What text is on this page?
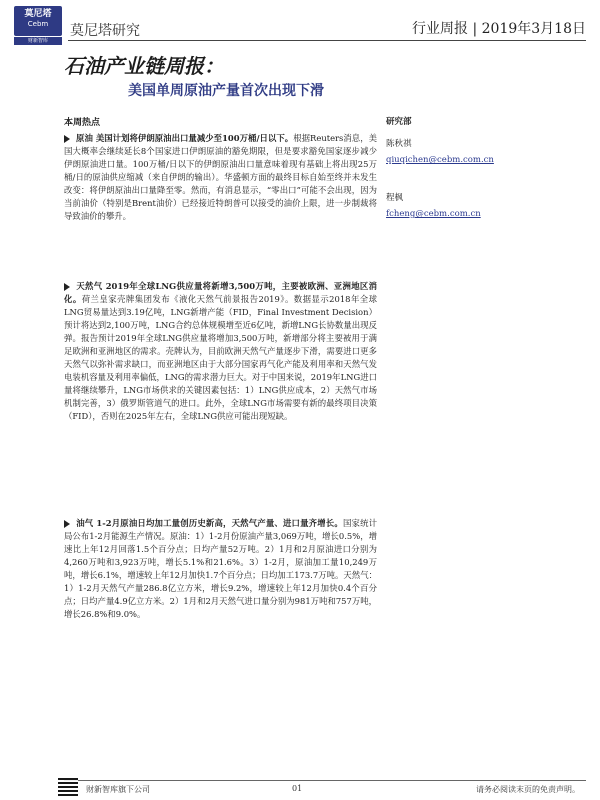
莫尼塔
Cebm
财新智库
莫尼塔研究	行业周报 | 2019年3月18日
石油产业链周报：
美国单周原油产量首次出现下滑
本周热点	研究部
陈秋祺
qiuqichen@cebm.com.cn
程枫
fcheng@cebm.com.cn
原油 美国计划将伊朗原油出口量减少至100万桶/日以下。根据Reuters消息，美国大概率会继续延长8个国家进口伊朗原油的豁免期限，但是要求豁免国家逐步减少伊朗原油进口量。100万桶/日以下的伊朗原油出口量意味着现有基础上将出现25万桶/日的原油供应缩减（来自伊朗的输出）。华盛顿方面的最终目标自始至终并未发生改变：将伊朗原油出口量降至零。然而，有消息显示，“零出口”可能不会出现，因为当前油价（特别是Brent油价）已经接近特朗普可以接受的油价上限，进一步制裁将导致油价的攀升。
天然气 2019年全球LNG供应量将新增3,500万吨，主要被欧洲、亚洲地区消化。荷兰皇家壳牌集团发布《液化天然气前景报告2019》。数据显示2018年全球LNG贸易量达到3.19亿吨，LNG新增产能（FID，Final Investment Decision）预计将达到2,100万吨，LNG合约总体规模增至近6亿吨，新增LNG长协数量出现反弹。报告预计2019年全球LNG供应量将增加3,500万吨，新增部分将主要被用于满足欧洲和亚洲地区的需求。壳牌认为，目前欧洲天然气产量逐步下滑，需要进口更多天然气以弥补需求缺口，而亚洲地区由于大部分国家再气化产能及利用率和天然气发电装机容量及利用率偏低，LNG的需求潜力巨大。对于中国来说，2019年LNG进口量将继续攀升，LNG市场供求的关键因素包括：1）LNG供应成本，2）天然气市场机制完善，3）俄罗斯管道气的进口。此外，全球LNG市场需要有新的最终项目决策（FID），否则在2025年左右，全球LNG供应可能出现短缺。
油气 1-2月原油日均加工量创历史新高，天然气产量、进口量齐增长。国家统计局公布1-2月能源生产情况。原油：1）1-2月份原油产量3,069万吨，增长0.5%，增速比上年12月回落1.5个百分点；日均产量52万吨。2）1月和2月原油进口分别为4,260万吨和3,923万吨，增长5.1%和21.6%。3）1-2月，原油加工量10,249万吨，增长6.1%，增速较上年12月加快1.7个百分点；日均加工173.7万吨。天然气：1）1-2月天然气产量286.8亿立方米，增长9.2%，增速较上年12月加快0.4个百分点；日均产量4.9亿立方米。2）1月和2月天然气进口量分别为981万吨和757万吨，增长26.8%和9.0%。
财新智库旗下公司	01	请务必阅读末页的免责声明。
